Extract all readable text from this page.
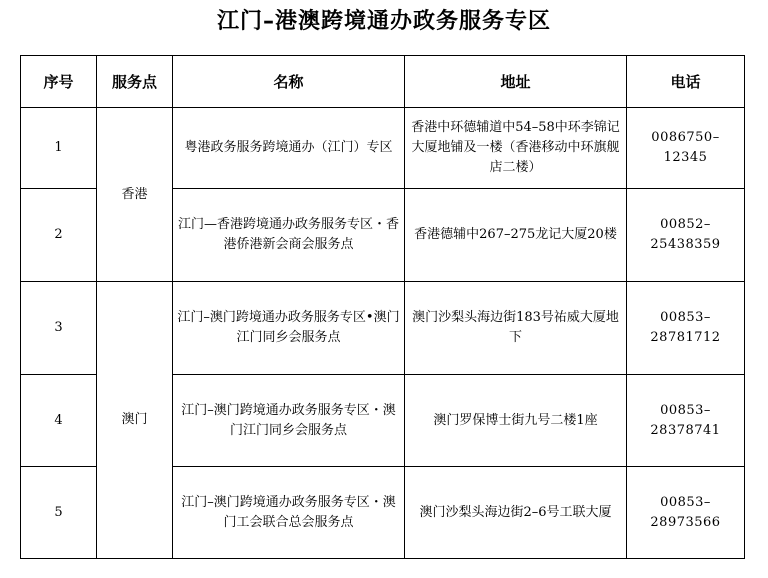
江门–港澳跨境通办政务服务专区
序号	服务点	名称	地址	电话
1	香港	粤港政务服务跨境通办（江门）专区	香港中环德辅道中54–58中环李锦记大厦地铺及一楼（香港移动中环旗舰店二楼）	0086750–12345
2		江门—香港跨境通办政务服务专区・香港侨港新会商会服务点	香港德辅中267–275龙记大厦20楼	00852–25438359
3	澳门	江门–澳门跨境通办政务服务专区•澳门江门同乡会服务点	澳门沙梨头海边街183号祐威大厦地下	00853–28781712
4		江门–澳门跨境通办政务服务专区・澳门江门同乡会服务点	澳门罗保博士街九号二楼1座	00853–28378741
5		江门–澳门跨境通办政务服务专区・澳门工会联合总会服务点	澳门沙梨头海边街2–6号工联大厦	00853–28973566
